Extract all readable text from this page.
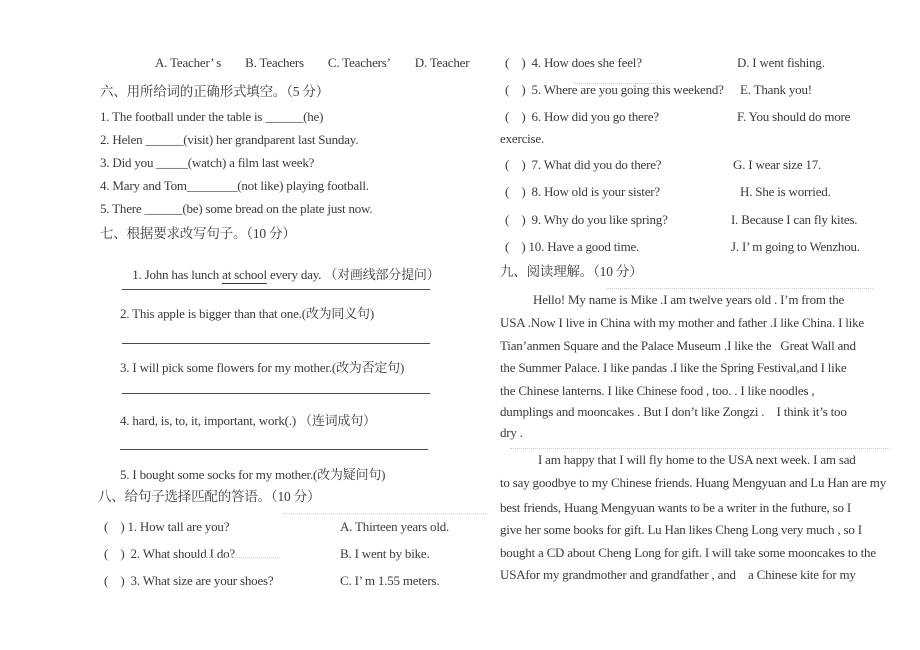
A. Teacher’ s B. Teachers C. Teachers’ D. Teacher
六、用所给词的正确形式填空。（5 分）
1. The football under the table is ______(he)
2. Helen ______(visit) her grandparent last Sunday.
3. Did you _____(watch) a film last week?
4. Mary and Tom________(not like) playing football.
5. There ______(be) some bread on the plate just now.
七、根据要求改写句子。（10 分）

1. John has lunch at school every day. （对画线部分提问）

2. This apple is bigger than that one.(改为同义句)
3. I will pick some flowers for my mother.(改为否定句)
4. hard, is, to, it, important, work(.) （连词成句）
5. I bought some socks for my mother.(改为疑问句)
八、给句子选择匹配的答语。（10 分）
(    ) 1. How tall are you?	A. Thirteen years old.
(    )  2. What should I do?	B. I went by bike.
(    )  3. What size are your shoes?	C. I’ m 1.55 meters.
(    )  4. How does she feel?	D. I went fishing.
(    )  5. Where are you going this weekend? E. Thank you!
(    )  6. How did you go there?	F. You should do more
exercise.
(    )  7. What did you do there?	G. I wear size 17.
(    )  8. How old is your sister?	H. She is worried.
(    )  9. Why do you like spring?	I. Because I can fly kites.
(    ) 10. Have a good time.	J. I’ m going to Wenzhou.
九、阅读理解。（10 分）
Hello! My name is Mike .I am twelve years old . I’m from the
USA .Now I live in China with my mother and father .I like China. I like
Tian’anmen Square and the Palace Museum .I like the   Great Wall and
the Summer Palace. I like pandas .I like the Spring Festival,and I like
the Chinese lanterns. I like Chinese food , too. . I like noodles ,
dumplings and mooncakes . But I don’t like Zongzi .    I think it’s too
dry .
I am happy that I will fly home to the USA next week. I am sad
to say goodbye to my Chinese friends. Huang Mengyuan and Lu Han are my
best friends, Huang Mengyuan wants to be a writer in the futhure, so I
give her some books for gift. Lu Han likes Cheng Long very much , so I
bought a CD about Cheng Long for gift. I will take some mooncakes to the
USAfor my grandmother and grandfather , and    a Chinese kite for my
